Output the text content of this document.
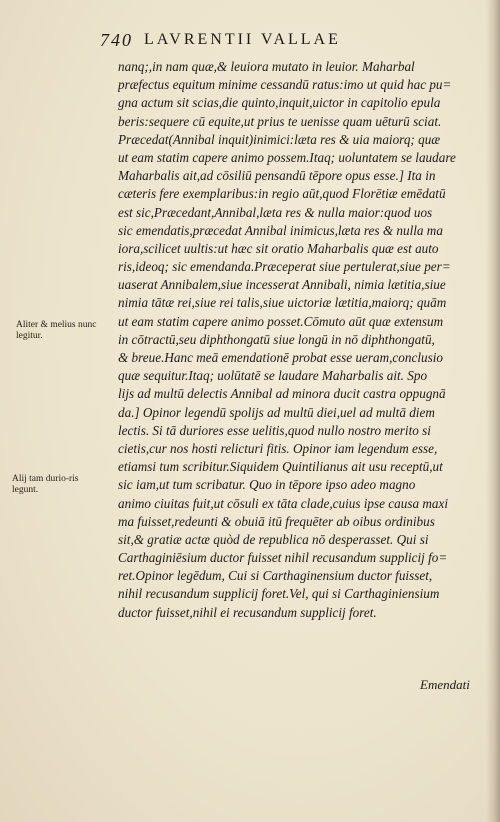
740 LAVRENTII VALLAE
Aliter & melius nunc legitur.
Alij tam durio-ris legunt.
nanq;,in nam quæ,& leuiora mutato in leuior. Maharbal
præfectus equitum minime cessandū ratus:imo ut quid hac pu=
gna actum sit scias,die quinto,inquit,uictor in capitolio epula
beris:sequere cū equite,ut prius te uenisse quam uēturū sciat.
Præcedat(Annibal inquit)inimici:læta res & uia maiorq; quæ
ut eam statim capere animo possem.Itaq; uoluntatem se laudare
Maharbalis ait,ad cōsiliū pensandū tēpore opus esse.] Ita in
cæteris fere exemplaribus:in regio aūt,quod Florētiæ emēdatū
est sic,Præcedant,Annibal,læta res & nulla maior:quod uos
sic emendatis,præcedat Annibal inimicus,læta res & nulla ma
iora,scilicet uultis:ut hæc sit oratio Maharbalis quæ est auto
ris,ideoq; sic emendanda.Præceperat siue pertulerat,siue per=
uaserat Annibalem,siue incesserat Annibali, nimia lætitia,siue
nimia tātæ rei,siue rei talis,siue uictoriæ lætitia,maiorq; quām
ut eam statim capere animo posset.Cōmuto aūt quæ extensum
in cōtractū,seu diphthongatū siue longū in nō diphthongatū,
& breue.Hanc meā emendationē probat esse ueram,conclusio
quæ sequitur.Itaq; uolūtatē se laudare Maharbalis ait. Spo
lijs ad multū delectis Annibal ad minora ducit castra oppugnā
da.] Opinor legendū spolijs ad multū diei,uel ad multā diem
lectis. Si tā duriores esse uelitis,quod nullo nostro merito si
cietis,cur nos hosti relicturi fitis. Opinor iam legendum esse,
etiamsi tum scribitur.Siquidem Quintilianus ait usu receptū,ut
sic iam,ut tum scribatur. Quo in tēpore ipso adeo magno
animo ciuitas fuit,ut cōsuli ex tāta clade,cuius ipse causa maxi
ma fuisset,redeunti & obuiā itū frequēter ab oibus ordinibus
sit,& gratiæ actæ quòd de republica nō desperasset. Qui si
Carthaginiēsium ductor fuisset nihil recusandum supplicij fo=
ret.Opinor legēdum, Cui si Carthaginensium ductor fuisset,
nihil recusandum supplicij foret.Vel, qui si Carthaginiensium
ductor fuisset,nihil ei recusandum supplicij foret.
Emendati
